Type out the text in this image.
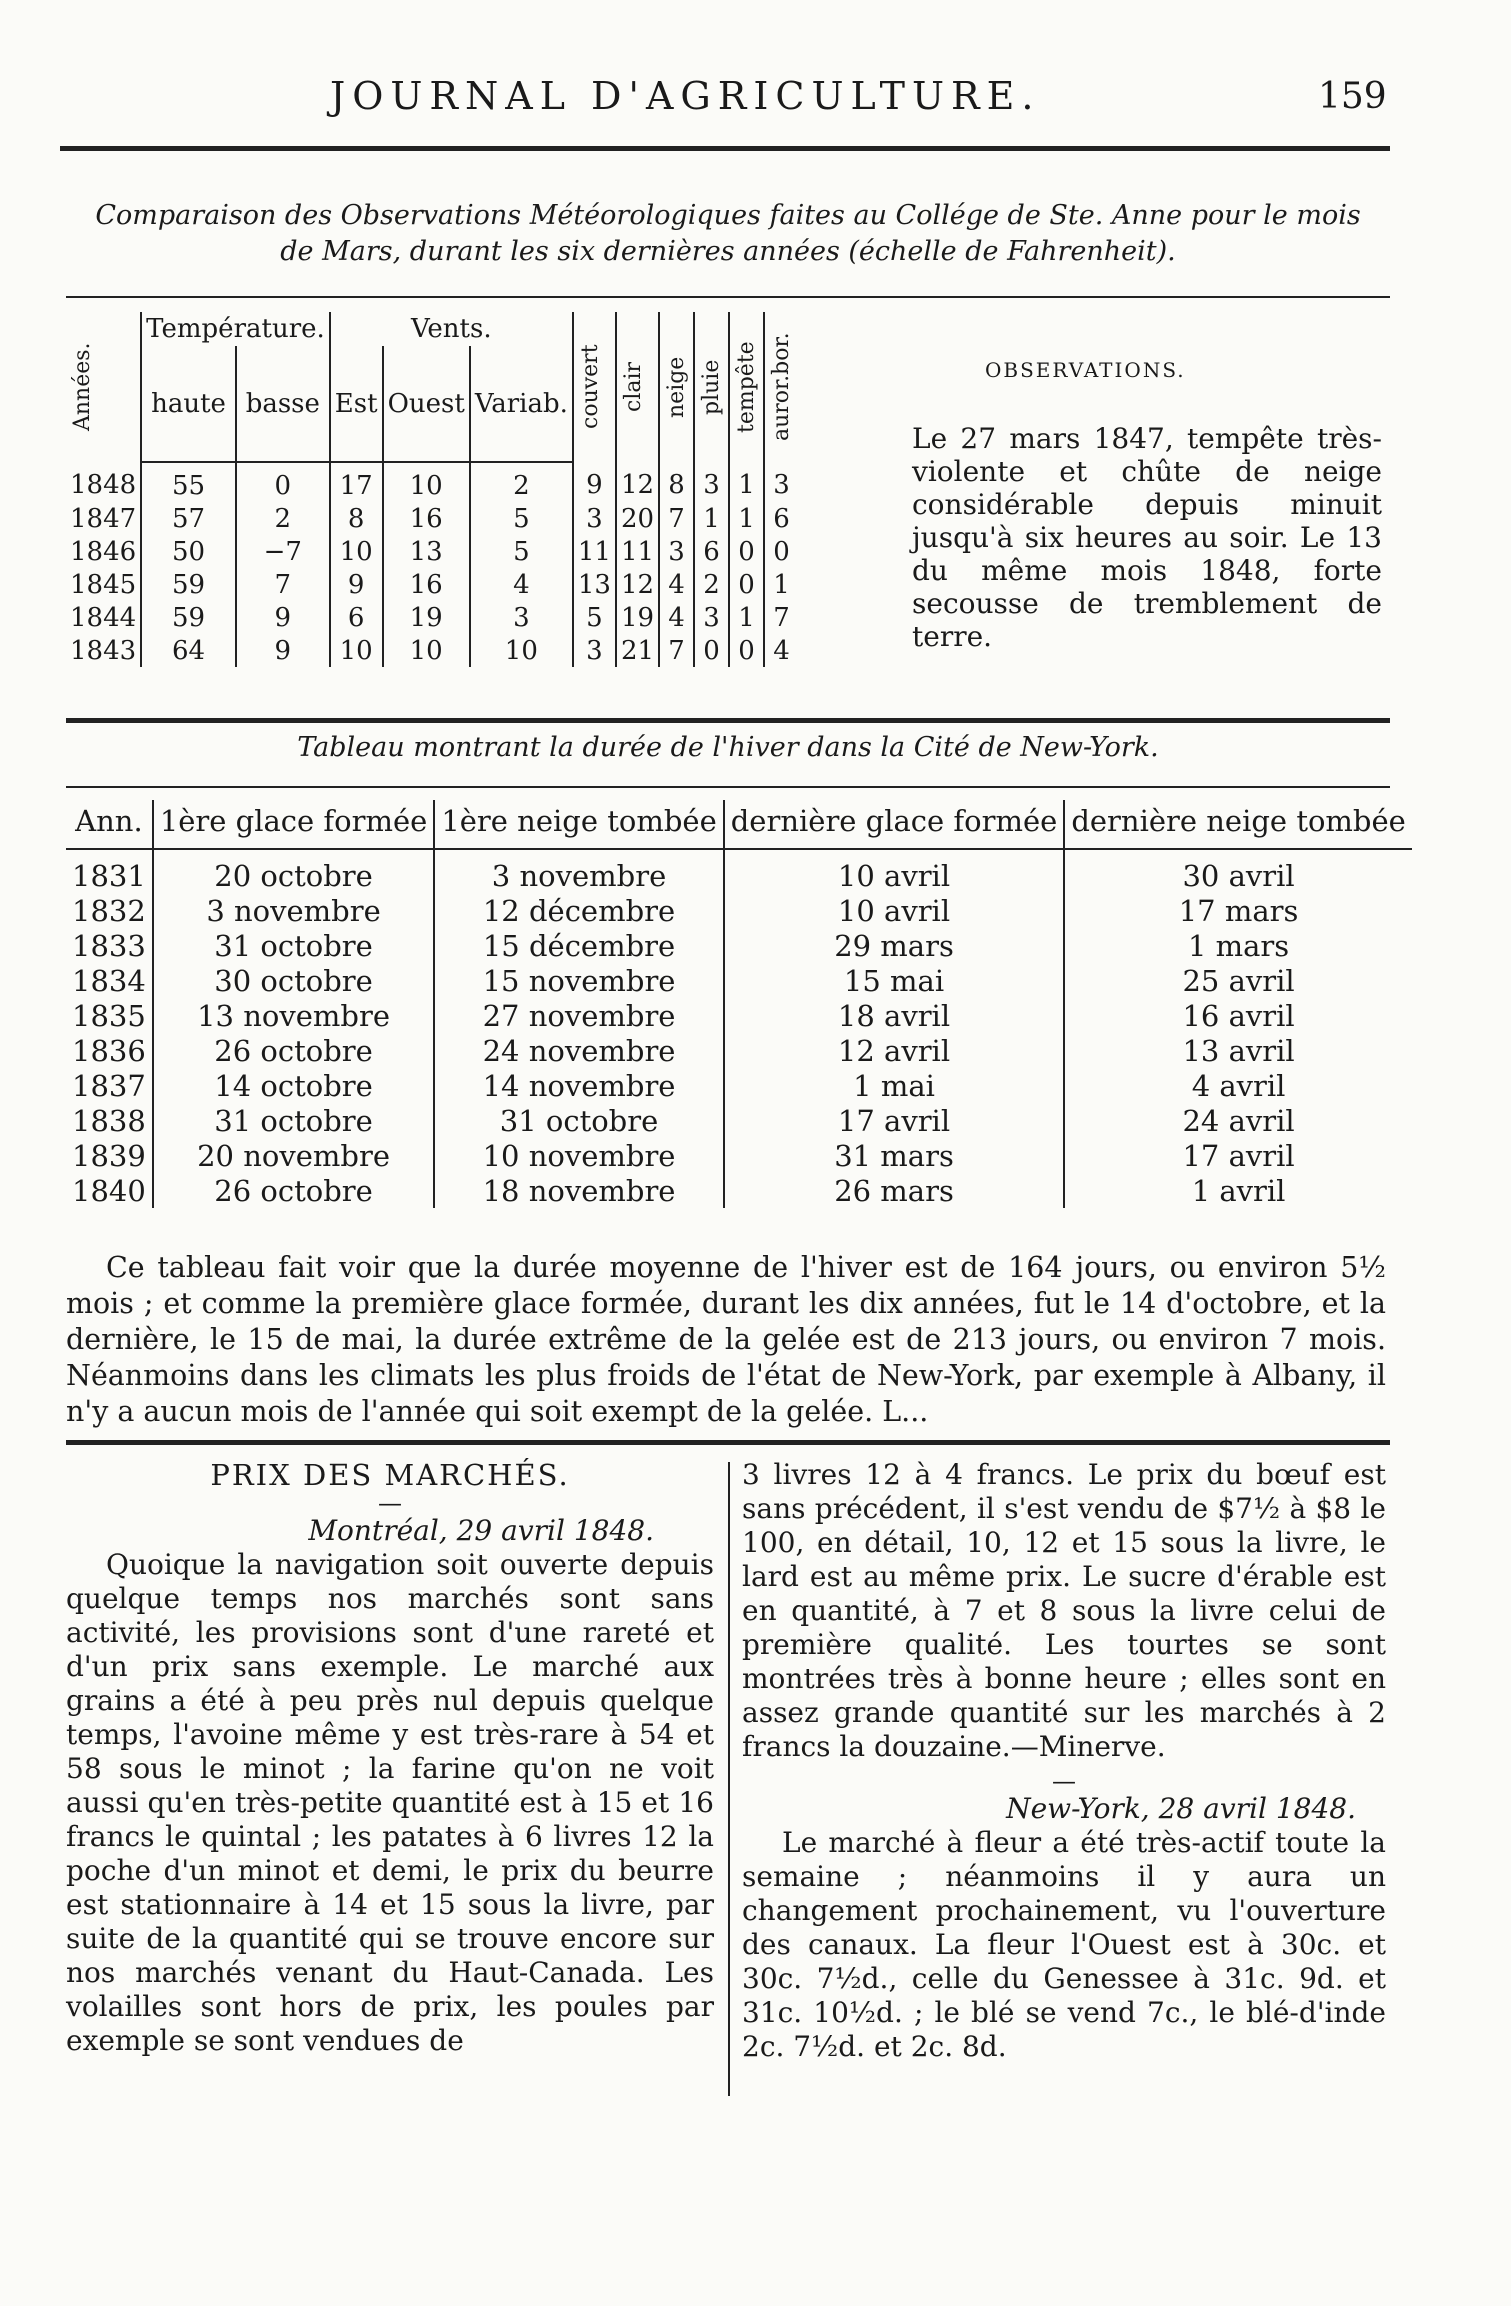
JOURNAL D'AGRICULTURE.	159
Comparaison des Observations Météorologiques faites au Collége de Ste. Anne pour le mois
de Mars, durant les six dernières années (échelle de Fahrenheit).
Années.	Température.		Vents.			couvert	clair	neige	pluie	tempête	auror.bor.

	haute	basse	Est	Ouest	Variab.						
1848	55	0	17	10	2	9	12	8	3	1	3
1847	57	2	8	16	5	3	20	7	1	1	6
1846	50	−7	10	13	5	11	11	3	6	0	0
1845	59	7	9	16	4	13	12	4	2	0	1
1844	59	9	6	19	3	5	19	4	3	1	7
1843	64	9	10	10	10	3	21	7	0	0	4
OBSERVATIONS.
Le 27 mars 1847, tempête très-violente et chûte de neige considérable depuis minuit jusqu'à six heures au soir. Le 13 du même mois 1848, forte secousse de tremblement de terre.
Tableau montrant la durée de l'hiver dans la Cité de New-York.
Ann.	1ère glace formée	1ère neige tombée	dernière glace formée	dernière neige tombée
1831	20 octobre	3 novembre	10 avril	30 avril
1832	3 novembre	12 décembre	10 avril	17 mars
1833	31 octobre	15 décembre	29 mars	1 mars
1834	30 octobre	15 novembre	15 mai	25 avril
1835	13 novembre	27 novembre	18 avril	16 avril
1836	26 octobre	24 novembre	12 avril	13 avril
1837	14 octobre	14 novembre	1 mai	4 avril
1838	31 octobre	31 octobre	17 avril	24 avril
1839	20 novembre	10 novembre	31 mars	17 avril
1840	26 octobre	18 novembre	26 mars	1 avril

Ce tableau fait voir que la durée moyenne de l'hiver est de 164 jours, ou environ 5½ mois ; et comme la première glace formée, durant les dix années, fut le 14 d'octobre, et la dernière, le 15 de mai, la durée extrême de la gelée est de 213 jours, ou environ 7 mois. Néanmoins dans les climats les plus froids de l'état de New-York, par exemple à Albany, il n'y a aucun mois de l'année qui soit exempt de la gelée. L...

PRIX DES MARCHÉS.
—
Montréal, 29 avril 1848.

Quoique la navigation soit ouverte depuis quelque temps nos marchés sont sans activité, les provisions sont d'une rareté et d'un prix sans exemple. Le marché aux grains a été à peu près nul depuis quelque temps, l'avoine même y est très-rare à 54 et 58 sous le minot ; la farine qu'on ne voit aussi qu'en très-petite quantité est à 15 et 16 francs le quintal ; les patates à 6 livres 12 la poche d'un minot et demi, le prix du beurre est stationnaire à 14 et 15 sous la livre, par suite de la quantité qui se trouve encore sur nos marchés venant du Haut-Canada. Les volailles sont hors de prix, les poules par exemple se sont vendues de

3 livres 12 à 4 francs. Le prix du bœuf est sans précédent, il s'est vendu de $7½ à $8 le 100, en détail, 10, 12 et 15 sous la livre, le lard est au même prix. Le sucre d'érable est en quantité, à 7 et 8 sous la livre celui de première qualité. Les tourtes se sont montrées très à bonne heure ; elles sont en assez grande quantité sur les marchés à 2 francs la douzaine.—Minerve.

—
New-York, 28 avril 1848.

Le marché à fleur a été très-actif toute la semaine ; néanmoins il y aura un changement prochainement, vu l'ouverture des canaux. La fleur l'Ouest est à 30c. et 30c. 7½d., celle du Genessee à 31c. 9d. et 31c. 10½d. ; le blé se vend 7c., le blé-d'inde 2c. 7½d. et 2c. 8d.
